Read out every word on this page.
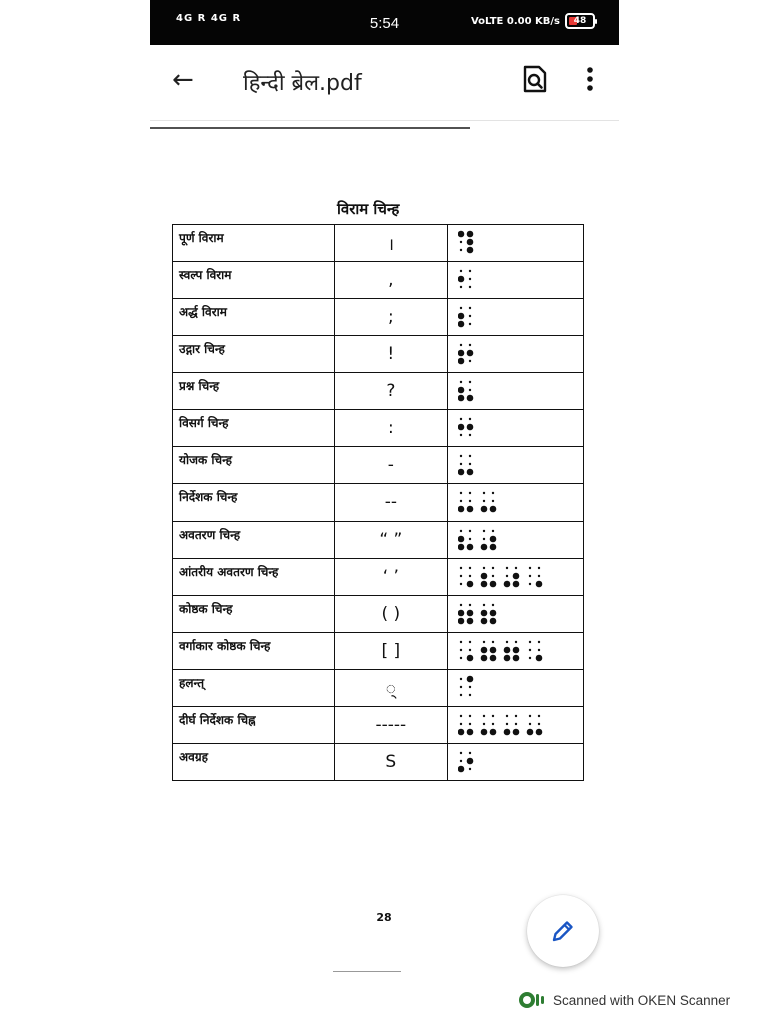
4G R 4G R	5:54	VoLTE 0.00 KB/s 48
← हिन्दी ब्रेल.pdf
विराम चिन्ह
पूर्ण विराम	।	

स्वल्प विराम	,	

अर्द्ध विराम	;	

उद्गार चिन्ह	!	

प्रश्न चिन्ह	?	

विसर्ग चिन्ह	:	

योजक चिन्ह	-	

निर्देशक चिन्ह	--	

अवतरण चिन्ह	“ ”	

आंतरीय अवतरण चिन्ह	‘ ’	

कोष्ठक चिन्ह	( )	

वर्गाकार कोष्ठक चिन्ह	[ ]	

हलन्त्	्	

दीर्घ निर्देशक चिह्न	-----	

अवग्रह	S	
28
Scanned with OKEN Scanner
